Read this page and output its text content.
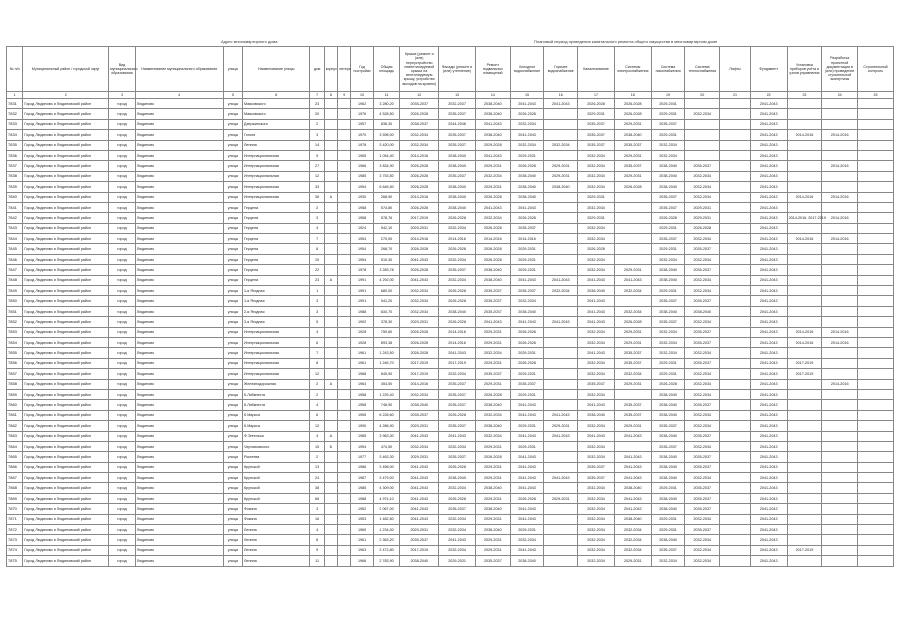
Адрес многоквартирного дома	Плановый период проведения капитального ремонта общего имущества в многоквартирном доме
№ п/п	Муниципальный район / городской округ	Вид муниципального образования	Наименование муниципального образования	улица	Наименование улицы	дом	корпус	литера	Год постройки	Общая площадь	Крыша (ремонт и (или) переустройство невентилируемой крыши на вентилируемую крышу, устройство выходов на кровлю)	Фасады (ремонт и (или) утепление)	Ремонт подвальных помещений	Холодное водоснабжение	Горячее водоснабжение	Канализование	Системы электроснабжения	Система газоснабжения	Система теплоснабжения	Лифты	Фундамент	Установка приборов учёта и узлов управления	Разработка проектной документации в (или) проведение строительной экспертизы	Строительный контроль
1	2	3	4	5	6	7	8	9	10	11	12	13	14	15	16	17	18	19	20	21	22	23	24	25
7831	Город Людиново и Людиновский район	город	Людиново	улица	Маяковского	23			1962	3 280,20	2035-2037	2032-2037	2038-2040	2041-2043	2041-2043	2026-2028	2026-2028	2029-2031			2041-2043			
7832	Город Людиново и Людиновский район	город	Людиново	улица	Маяковского	20			1976	4 528,50	2026-2028	2035-2037	2038-2040	2026-2028		2029-2031	2026-2028	2029-2031	2032-2034		2041-2043			
7833	Город Людиново и Людиновский район	город	Людиново	улица	Дзержинского	2			1957	838,30	2038-2037	2044-2046	2041-2043	2032-2034		2035-2037	2029-2031	2035-2037			2041-2043			
7834	Город Людиново и Людиновский район	город	Людиново	улица	Гоголя	3			1970	3 598,00	2032-2034	2035-2037	2038-2040	2041-2043		2035-2037	2038-2040	2029-2031			2041-2043	2014-2016	2014-2016	
7835	Город Людиново и Людиновский район	город	Людиново	улица	Ленина	14			1978	3 420,00	2032-2034	2035-2037	2029-2028	2032-2034	2032-2034	2035-2037	2035-2037	2032-2034			2041-2043			
7836	Город Людиново и Людиновский район	город	Людиново	улица	Интернациональная	9			1965	1 054,40	2014-2016	2038-2040	2041-2043	2029-2031		2032-2034	2029-2031	2032-2034			2041-2043			
7837	Город Людиново и Людиновский район	город	Людиново	улица	Интернациональная	27			1966	3 834,90	2026-2028	2038-2040	2029-2031	2026-2028	2029-2031	2032-2034	2035-2037	2038-2040	2035-2037		2041-2043		2014-2016	
7838	Город Людиново и Людиновский район	город	Людиново	улица	Интернациональная	12			1985	3 753,50	2026-2028	2035-2037	2032-2034	2038-2040	2029-2031	2032-2034	2029-2031	2038-2040	2032-2034		2041-2043			
7839	Город Людиново и Людиновский район	город	Людиново	улица	Интернациональная	33			1994	6 646,50	2026-2028	2038-2040	2029-2031	2038-2040	2038-2040	2032-2034	2026-2028	2038-2040	2032-2034		2041-2043			
7840	Город Людиново и Людиновский район	город	Людиново	улица	Интернациональная	36	А		1930	268,90	2014-2016	2038-2040	2026-2028	2038-2040		2029-2031		2035-2037	2032-2034		2041-2043	2014-2016	2014-2016	
7841	Город Людиново и Людиновский район	город	Людиново	улица	Герцена	2			1958	574,80	2026-2028	2038-2040	2041-2043	2041-2043		2032-2034		2035-2037	2029-2031		2041-2043			
7842	Город Людиново и Людиновский район	город	Людиново	улица	Герцена	3			1958	578,76	2017-2019	2026-2028	2032-2034	2026-2028		2029-2031		2026-2028	2029-2031		2041-2043	2014-2016, 2017-2019	2014-2016	
7843	Город Людиново и Людиновский район	город	Людиново	улица	Герцена	4			1924	542,10	2029-2031	2032-2034	2026-2028	2035-2037		2032-2034		2029-2031	2026-2028		2041-2043			
7844	Город Людиново и Людиновский район	город	Людиново	улица	Герцена	7			1954	270,00	2014-2016	2014-2016	2014-2016	2014-2016		2032-2034		2035-2037	2032-2034		2041-2043	2014-2016	2014-2016	
7845	Город Людиново и Людиновский район	город	Людиново	улица	Герцена	8			1954	268,70	2026-2028	2026-2028	2026-2028	2029-2031		2026-2028		2029-2031	2035-2037		2041-2043			
7846	Город Людиново и Людиновский район	город	Людиново	улица	Герцена	10			1954	510,30	2041-2043	2032-2034	2026-2028	2029-2031		2032-2034		2032-2034	2032-2034		2041-2043			
7847	Город Людиново и Людиновский район	город	Людиново	улица	Герцена	22			1978	3 283,78	2026-2028	2035-2037	2038-2040	2029-2031		2032-2034	2029-2031	2038-2040	2035-2037		2041-2043			
7848	Город Людиново и Людиновский район	город	Людиново	улица	Герцена	23	А		1991	4 292,00	2041-2043	2032-2034	2038-2040	2041-2043	2041-2043	2041-2043	2041-2043	2038-2040	2032-2034		2041-2043			
7849	Город Людиново и Людиновский район	город	Людиново	улица	1-я Ягодная	1			1991	680,00	2032-2034	2026-2028	2035-2037	2035-2037	2032-2034	2038-2040	2032-2034	2029-2031	2032-2034		2041-2043			
7850	Город Людиново и Людиновский район	город	Людиново	улица	1-я Ягодная	3			1991	541,20	2032-2034	2026-2028	2035-2037	2032-2034		2041-2043		2035-2037	2035-2037		2041-2043			
7851	Город Людиново и Людиновский район	город	Людиново	улица	2-я Ягодная	3			1988	834,70	2032-2034	2038-2040	2035-2037	2038-2040		2041-2043	2032-2034	2038-2040	2038-2040		2041-2043			
7852	Город Людиново и Людиновский район	город	Людиново	улица	3-я Ягодная	5			1992	378,30	2029-2031	2026-2028	2041-2043	2041-2043	2041-2043	2041-2043	2026-2028	2035-2037	2032-2034		2041-2043			
7853	Город Людиново и Людиновский район	город	Людиново	улица	Интернациональная	4			1928	750,60	2026-2028	2014-2016	2029-2031	2026-2028		2032-2034	2029-2031	2032-2034	2035-2037		2041-2043	2014-2016	2014-2016	
7854	Город Людиново и Людиновский район	город	Людиново	улица	Интернациональная	6			1928	893,38	2026-2028	2014-2016	2029-2031	2026-2028		2032-2034	2029-2031	2032-2034	2035-2037		2041-2043	2014-2016	2014-2016	
7855	Город Людиново и Людиновский район	город	Людиново	улица	Интернациональная	7			1961	1 243,50	2026-2028	2041-2043	2032-2034	2029-2031		2041-2043	2035-2037	2032-2034	2032-2034		2041-2043			
7856	Город Людиново и Людиновский район	город	Людиново	улица	Интернациональная	8			1961	1 246,70	2017-2019	2017-2019	2029-2031	2026-2028		2032-2034	2035-2037	2029-2031	2035-2037		2041-2043	2017-2019		
7857	Город Людиново и Людиновский район	город	Людиново	улица	Интернациональная	12			1968	845,90	2017-2019	2032-2034	2035-2037	2029-2031		2032-2034	2032-2034	2029-2031	2032-2034		2041-2043	2017-2019		
7858	Город Людиново и Людиновский район	город	Людиново	улица	Железнодорожная	2	А		1964	454,50	2014-2016	2035-2037	2029-2031	2035-2037		2035-2037	2029-2031	2026-2028	2032-2034		2041-2043		2014-2016	
7859	Город Людиново и Людиновский район	город	Людиново	улица	К.Либкнехта	2			1958	1 225,40	2032-2034	2035-2037	2026-2028	2029-2031		2032-2034		2038-2040	2032-2034		2041-2043			
7860	Город Людиново и Людиновский район	город	Людиново	улица	К.Либкнехта	4			1958	748,90	2038-2040	2035-2037	2038-2040	2041-2043		2041-2043	2035-2037	2038-2040	2035-2037		2041-2043			
7861	Город Людиново и Людиновский район	город	Людиново	улица	К.Маркса	6			1955	6 228,60	2035-2037	2026-2028	2032-2034	2041-2043	2041-2043	2038-2040	2035-2037	2038-2040	2032-2034		2041-2043			
7862	Город Людиново и Людиновский район	город	Людиново	улица	К.Маркса	12			1990	4 286,90	2029-2031	2035-2037	2038-2040	2029-2031	2029-2031	2032-2034	2029-2031	2035-2037	2032-2034		2041-2043			
7863	Город Людиново и Людиновский район	город	Людиново	улица	Ф.Энгельса	4	А		1985	3 963,30	2041-2043	2041-2043	2032-2034	2041-2043	2041-2043	2041-2043	2041-2043	2038-2040	2035-2037		2041-2043			
7864	Город Людиново и Людиновский район	город	Людиново	улица	Черняховского	15	Б		1994	474,50	2032-2034	2032-2034	2029-2031	2029-2031		2032-2034		2035-2037	2032-2034		2041-2043			
7865	Город Людиново и Людиновский район	город	Людиново	улица	Рылеева	2			1977	3 463,30	2029-2031	2035-2037	2026-2028	2041-2043		2032-2034	2041-2043	2038-2040	2035-2037		2041-2043			
7866	Город Людиново и Людиновский район	город	Людиново	улица	Крупской	13			1986	3 458,00	2041-2043	2026-2028	2029-2031	2041-2043		2035-2037	2041-2043	2038-2040	2035-2037		2041-2043			
7867	Город Людиново и Людиновский район	город	Людиново	улица	Крупской	24			1987	3 479,00	2041-2043	2038-2040	2029-2031	2041-2043	2041-2043	2035-2037	2041-2043	2038-2040	2032-2034		2041-2043			
7868	Город Людиново и Людиновский район	город	Людиново	улица	Крупской	38			1985	4 309,00	2041-2043	2032-2034	2038-2040	2041-2043		2032-2034	2038-2040	2029-2031	2035-2037		2041-2043			
7869	Город Людиново и Людиновский район	город	Людиново	улица	Крупской	66			1988	4 974,10	2041-2043	2026-2028	2029-2031	2026-2028	2029-2031	2032-2034	2041-2043	2038-2040	2035-2037		2041-2043			
7870	Город Людиново и Людиновский район	город	Людиново	улица	Фокина	3			1952	2 067,00	2041-2043	2035-2037	2038-2040	2041-2043		2032-2034	2041-2043	2038-2040	2035-2037		2041-2043			
7871	Город Людиново и Людиновский район	город	Людиново	улица	Фокина	16			1953	1 482,60	2041-2043	2032-2034	2029-2031	2041-2043		2032-2034	2038-2040	2029-2031	2032-2034		2041-2043			
7872	Город Людиново и Людиновский район	город	Людиново	улица	Ленина	4			1960	1 234,00	2029-2031	2032-2034	2038-2040	2029-2031		2032-2034	2032-2034	2029-2031	2035-2037		2041-2043			
7873	Город Людиново и Людиновский район	город	Людиново	улица	Ленина	8			1961	2 363,20	2035-2037	2041-2043	2029-2031	2032-2034		2032-2034	2032-2034	2038-2040	2032-2034		2041-2043			
7874	Город Людиново и Людиновский район	город	Людиново	улица	Ленина	9			1963	2 472,80	2017-2019	2032-2034	2029-2031	2041-2043		2032-2034	2032-2034	2035-2037	2032-2034		2041-2043	2017-2019		
7875	Город Людиново и Людиновский район	город	Людиново	улица	Ленина	11			1966	2 783,90	2038-2040	2029-2031	2035-2037	2038-2040		2032-2034	2029-2031	2032-2034	2032-2034		2041-2043			
